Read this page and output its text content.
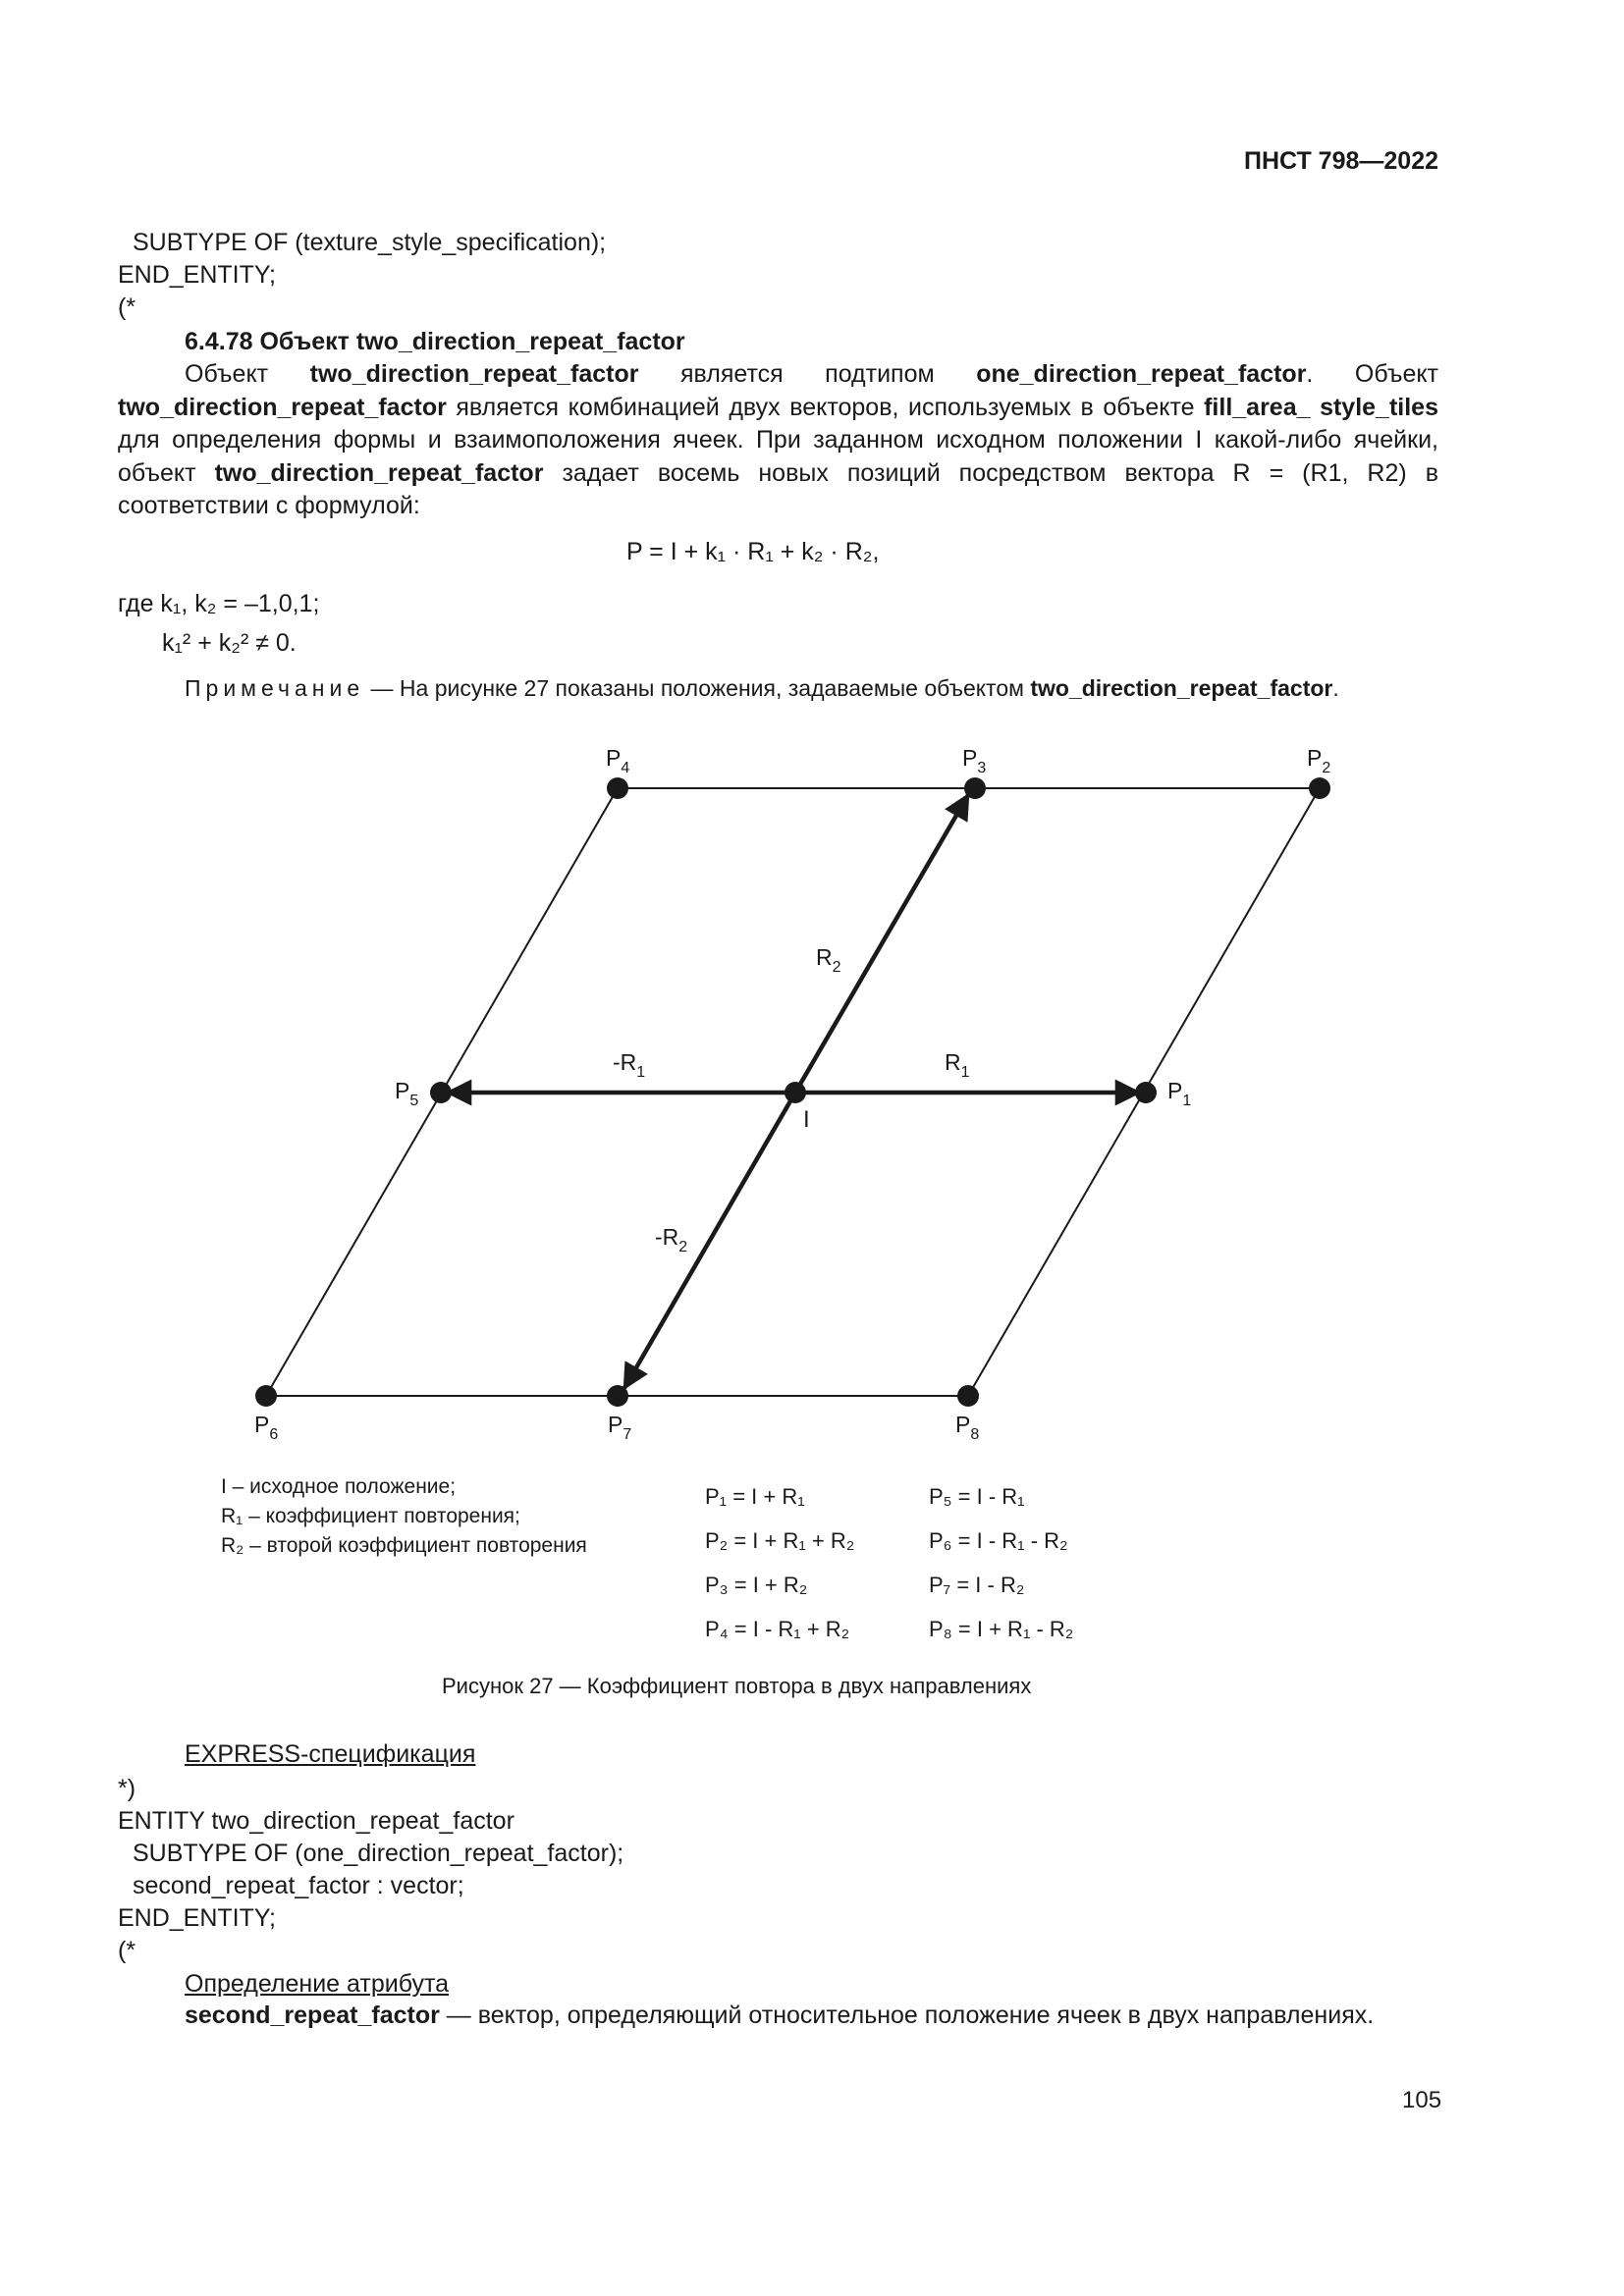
ПНСТ 798—2022
SUBTYPE OF (texture_style_specification);
END_ENTITY;
(*
6.4.78 Объект two_direction_repeat_factor

Объект two_direction_repeat_factor является подтипом one_direction_repeat_factor. Объект two_direction_repeat_factor является комбинацией двух векторов, используемых в объекте fill_area_ style_tiles для определения формы и взаимоположения ячеек. При заданном исходном положении I какой-либо ячейки, объект two_direction_repeat_factor задает восемь новых позиций посредством вектора R = (R1, R2) в соответствии с формулой:

P = I + k₁ · R₁ + k₂ · R₂,
где k₁, k₂ = –1,0,1;
k₁² + k₂² ≠ 0.
Примечание — На рисунке 27 показаны положения, задаваемые объектом two_direction_repeat_factor.
$P_4$	$P_3$	$P_2$
$P_5$	$P_1$
$P_6$	$P_7$	$P_8$
$R_2$
$-R_1$	$R_1$
$-R_2$
I
I – исходное положение;
R₁ – коэффициент повторения;
R₂ – второй коэффициент повторения
P₁ = I + R₁
P₂ = I + R₁ + R₂
P₃ = I + R₂
P₄ = I - R₁ + R₂
P₅ = I - R₁
P₆ = I - R₁ - R₂
P₇ = I - R₂
P₈ = I + R₁ - R₂
Рисунок 27 — Коэффициент повтора в двух направлениях
EXPRESS-спецификация
*)
ENTITY two_direction_repeat_factor
SUBTYPE OF (one_direction_repeat_factor);
second_repeat_factor : vector;
END_ENTITY;
(*
Определение атрибута

second_repeat_factor — вектор, определяющий относительное положение ячеек в двух направлениях.

105
